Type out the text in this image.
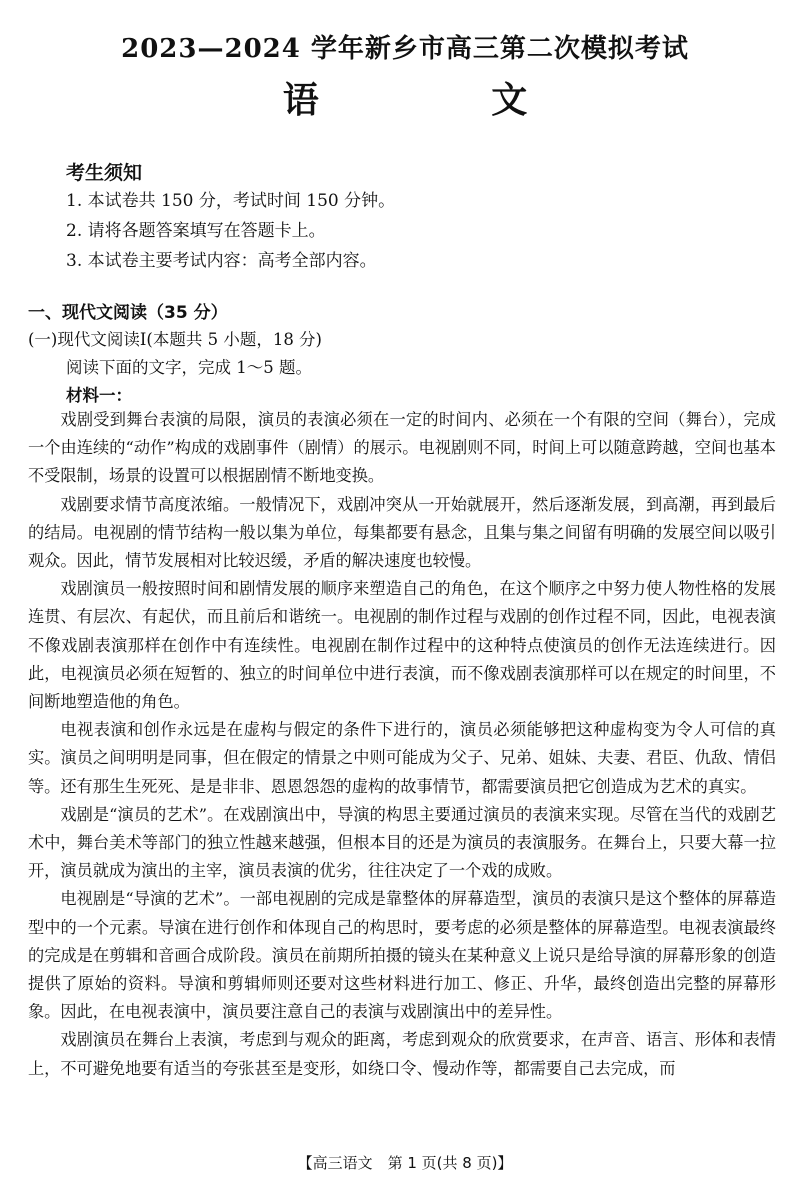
2023—2024 学年新乡市高三第二次模拟考试
语 文
考生须知
1. 本试卷共 150 分，考试时间 150 分钟。
2. 请将各题答案填写在答题卡上。
3. 本试卷主要考试内容：高考全部内容。
一、现代文阅读（35 分）
(一)现代文阅读Ⅰ(本题共 5 小题，18 分)
阅读下面的文字，完成 1～5 题。
材料一：

戏剧受到舞台表演的局限，演员的表演必须在一定的时间内、必须在一个有限的空间（舞台），完成一个由连续的“动作”构成的戏剧事件（剧情）的展示。电视剧则不同，时间上可以随意跨越，空间也基本不受限制，场景的设置可以根据剧情不断地变换。

戏剧要求情节高度浓缩。一般情况下，戏剧冲突从一开始就展开，然后逐渐发展，到高潮，再到最后的结局。电视剧的情节结构一般以集为单位，每集都要有悬念，且集与集之间留有明确的发展空间以吸引观众。因此，情节发展相对比较迟缓，矛盾的解决速度也较慢。

戏剧演员一般按照时间和剧情发展的顺序来塑造自己的角色，在这个顺序之中努力使人物性格的发展连贯、有层次、有起伏，而且前后和谐统一。电视剧的制作过程与戏剧的创作过程不同，因此，电视表演不像戏剧表演那样在创作中有连续性。电视剧在制作过程中的这种特点使演员的创作无法连续进行。因此，电视演员必须在短暂的、独立的时间单位中进行表演，而不像戏剧表演那样可以在规定的时间里，不间断地塑造他的角色。

电视表演和创作永远是在虚构与假定的条件下进行的，演员必须能够把这种虚构变为令人可信的真实。演员之间明明是同事，但在假定的情景之中则可能成为父子、兄弟、姐妹、夫妻、君臣、仇敌、情侣等。还有那生生死死、是是非非、恩恩怨怨的虚构的故事情节，都需要演员把它创造成为艺术的真实。

戏剧是“演员的艺术”。在戏剧演出中，导演的构思主要通过演员的表演来实现。尽管在当代的戏剧艺术中，舞台美术等部门的独立性越来越强，但根本目的还是为演员的表演服务。在舞台上，只要大幕一拉开，演员就成为演出的主宰，演员表演的优劣，往往决定了一个戏的成败。

电视剧是“导演的艺术”。一部电视剧的完成是靠整体的屏幕造型，演员的表演只是这个整体的屏幕造型中的一个元素。导演在进行创作和体现自己的构思时，要考虑的必须是整体的屏幕造型。电视表演最终的完成是在剪辑和音画合成阶段。演员在前期所拍摄的镜头在某种意义上说只是给导演的屏幕形象的创造提供了原始的资料。导演和剪辑师则还要对这些材料进行加工、修正、升华，最终创造出完整的屏幕形象。因此，在电视表演中，演员要注意自己的表演与戏剧演出中的差异性。

戏剧演员在舞台上表演，考虑到与观众的距离，考虑到观众的欣赏要求，在声音、语言、形体和表情上，不可避免地要有适当的夸张甚至是变形，如绕口令、慢动作等，都需要自己去完成，而

【高三语文　第 1 页(共 8 页)】
